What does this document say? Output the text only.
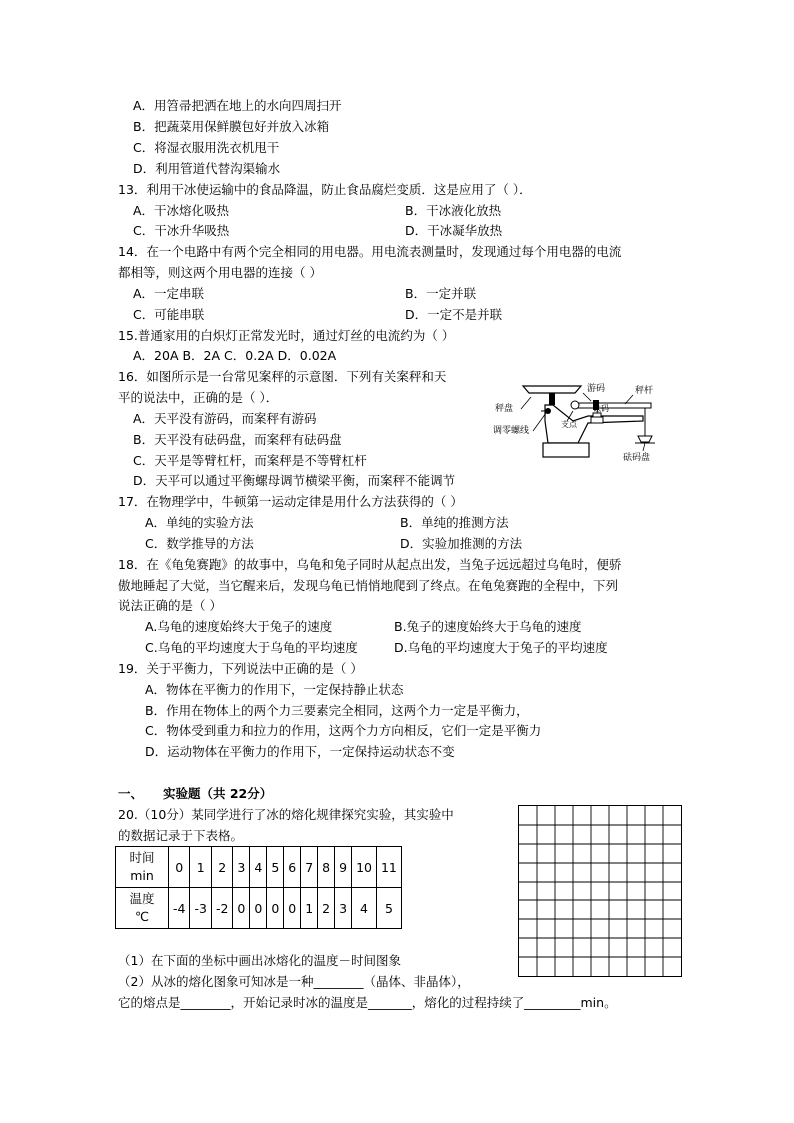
A．用笤帚把洒在地上的水向四周扫开
B．把蔬菜用保鲜膜包好并放入冰箱
C．将湿衣服用洗衣机甩干
D．利用管道代替沟渠输水
13．利用干冰使运输中的食品降温，防止食品腐烂变质．这是应用了（ ）．
A．干冰熔化吸热	B．干冰液化放热
C．干冰升华吸热	D．干冰凝华放热
14．在一个电路中有两个完全相同的用电器。用电流表测量时，发现通过每个用电器的电流
都相等，则这两个用电器的连接（ ）
A．一定串联	B．一定并联
C．可能串联	D．一定不是并联
15.普通家用的白炽灯正常发光时，通过灯丝的电流约为（ ）
A．20A B．2A C．0.2A D．0.02A
16．如图所示是一台常见案秤的示意图．下列有关案秤和天
平的说法中，正确的是（ ）．
A．天平没有游码，而案秤有游码
B．天平没有砝码盘，而案秤有砝码盘
C．天平是等臂杠杆，而案秤是不等臂杠杆
D．天平可以通过平衡螺母调节横梁平衡，而案秤不能调节
游码	秤杆
秤盘
调零螺线
支点
砝码
砝码盘
17．在物理学中，牛顿第一运动定律是用什么方法获得的（ ）
A．单纯的实验方法	B．单纯的推测方法
C．数学推导的方法	D．实验加推测的方法
18．在《龟兔赛跑》的故事中，乌龟和兔子同时从起点出发，当兔子远远超过乌龟时，便骄
傲地睡起了大觉，当它醒来后，发现乌龟已悄悄地爬到了终点。在龟兔赛跑的全程中，下列
说法正确的是（ ）
A.乌龟的速度始终大于兔子的速度	B.兔子的速度始终大于乌龟的速度
C.乌龟的平均速度大于乌龟的平均速度	D.乌龟的平均速度大于兔子的平均速度
19．关于平衡力，下列说法中正确的是（ ）
A．物体在平衡力的作用下，一定保持静止状态
B．作用在物体上的两个力三要素完全相同，这两个力一定是平衡力，
C．物体受到重力和拉力的作用，这两个力方向相反，它们一定是平衡力
D．运动物体在平衡力的作用下，一定保持运动状态不变
一、 实验题（共 22分）
20.（10分）某同学进行了冰的熔化规律探究实验，其实验中
的数据记录于下表格。
时间
min	0	1	2	3	4	5	6	7	8	9	10	11

温度
℃	-4	-3	-2	0	0	0	0	1	2	3	4	5
（1）在下面的坐标中画出冰熔化的温度－时间图象
（2）从冰的熔化图象可知冰是一种________（晶体、非晶体），
它的熔点是________，开始记录时冰的温度是_______，熔化的过程持续了_________min。
